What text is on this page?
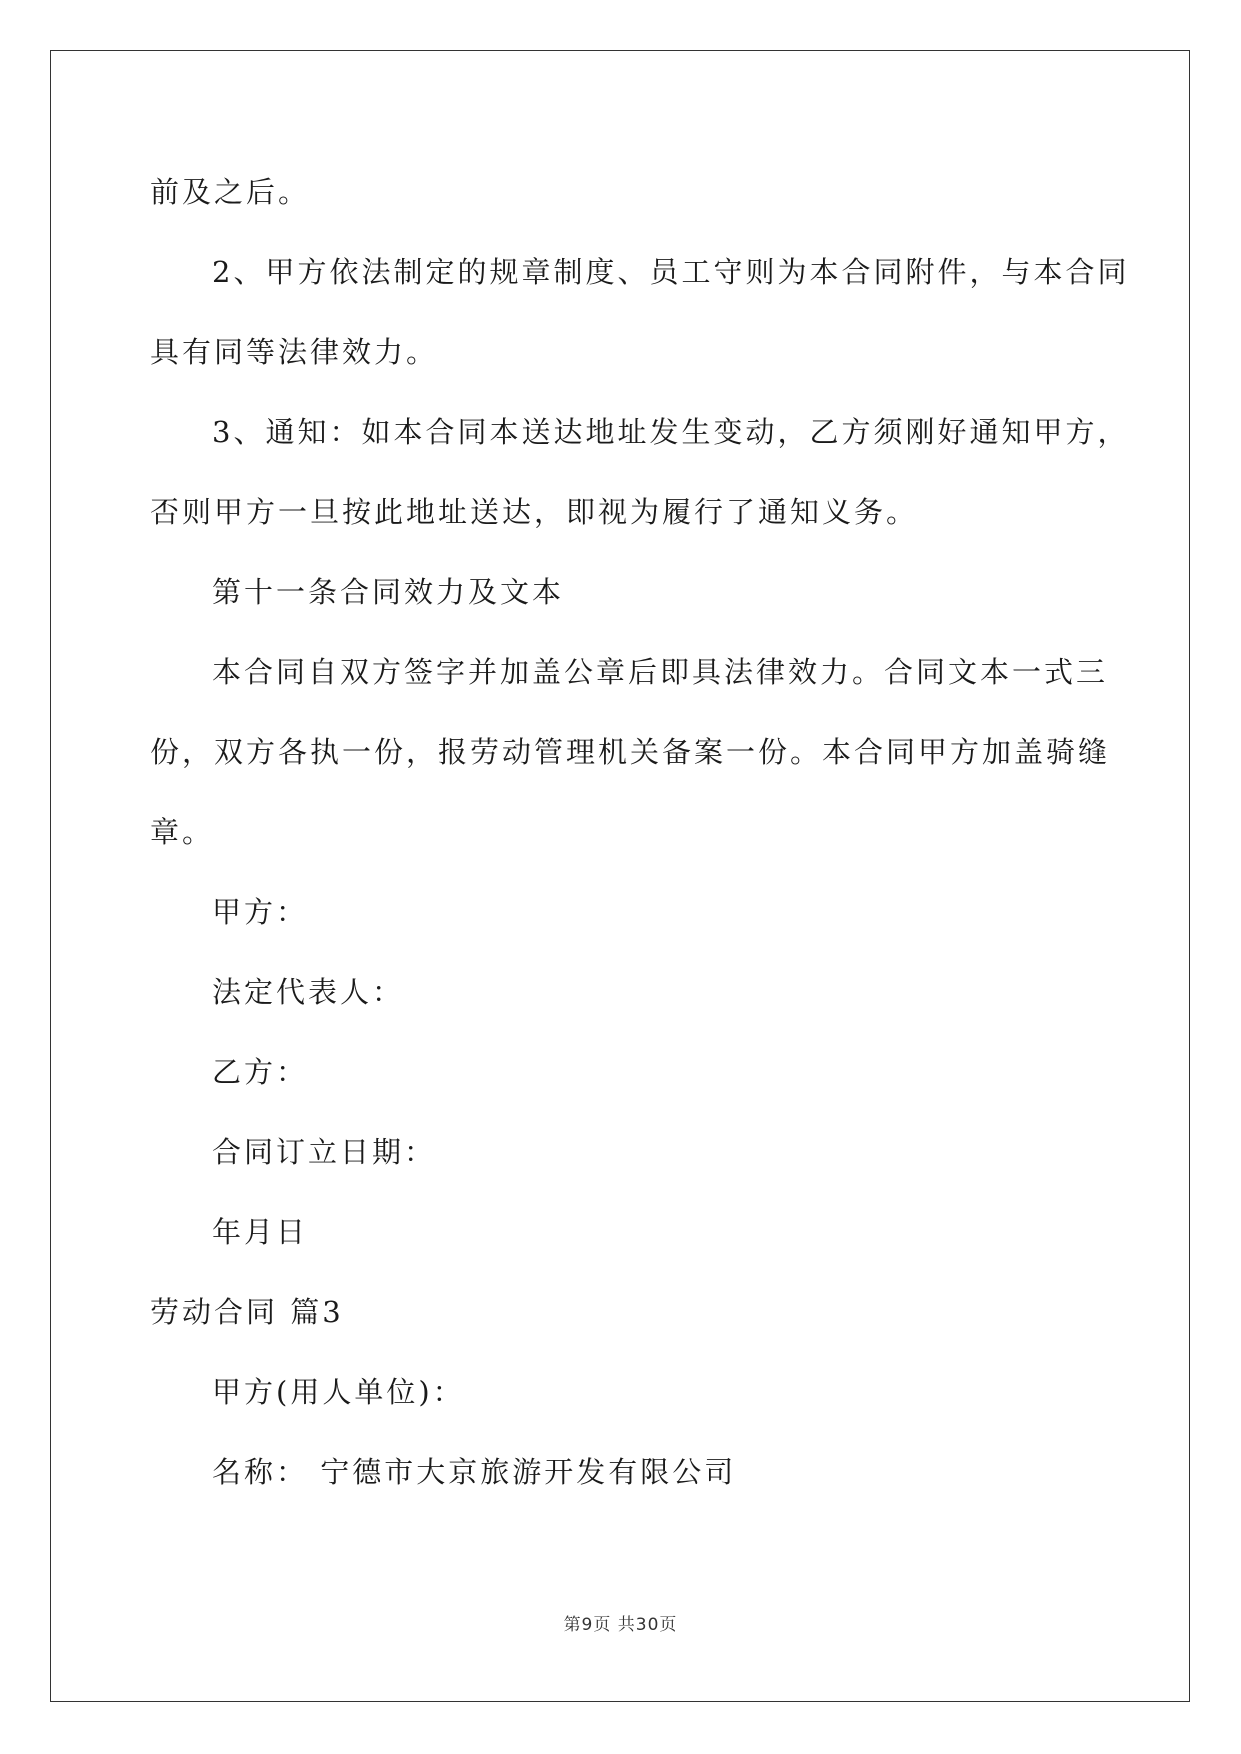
前及之后。

2、甲方依法制定的规章制度、员工守则为本合同附件，与本合同

具有同等法律效力。

3、通知：如本合同本送达地址发生变动，乙方须刚好通知甲方，

否则甲方一旦按此地址送达，即视为履行了通知义务。

第十一条合同效力及文本

本合同自双方签字并加盖公章后即具法律效力。合同文本一式三

份，双方各执一份，报劳动管理机关备案一份。本合同甲方加盖骑缝

章。

甲方：

法定代表人：

乙方：

合同订立日期：

年月日

劳动合同 篇3

甲方(用人单位)：

名称： 宁德市大京旅游开发有限公司

第9页 共30页
